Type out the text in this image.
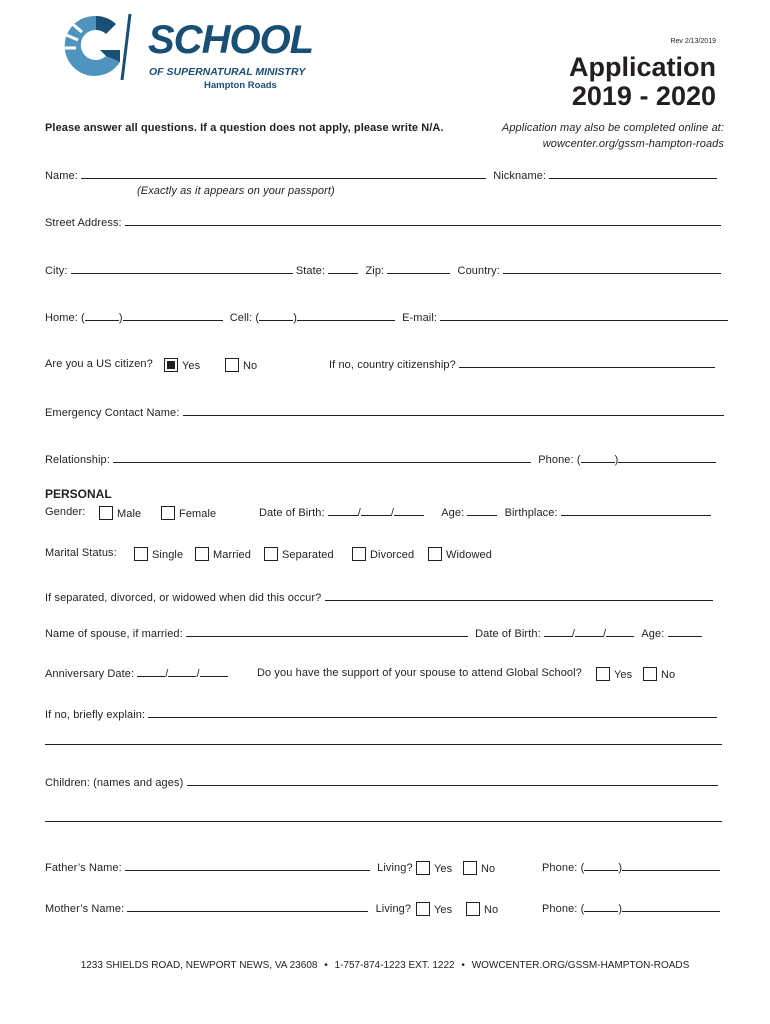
SCHOOL
OF SUPERNATURAL MINISTRY
Hampton Roads
Rev 2/13/2019
Application
2019 - 2020
Please answer all questions. If a question does not apply, please write N/A.	Application may also be completed online at:
wowcenter.org/gssm-hampton-roads
Name:	Nickname:
(Exactly as it appears on your passport)
Street Address:
City:	State:	Zip:	Country:
Home: (	)	Cell: (	)	E-mail:
Are you a US citizen?	Yes	No	If no, country citizenship?
Emergency Contact Name:
Relationship:	Phone: (	)
PERSONAL
Gender:	Male	Female	Date of Birth:	/	/	Age:	Birthplace:
Marital Status:	Single	Married	Separated	Divorced	Widowed
If separated, divorced, or widowed when did this occur?
Name of spouse, if married:	Date of Birth:	/	/	Age:
Anniversary Date:	/	/	Do you have the support of your spouse to attend Global School?	Yes	No
If no, briefly explain:
Children: (names and ages)
Father’s Name:	Living?	Yes	No	Phone: (	)
Mother’s Name:	Living?	Yes	No	Phone: (	)
1233 SHIELDS ROAD, NEWPORT NEWS, VA 23608 • 1-757-874-1223 EXT. 1222 • WOWCENTER.ORG/GSSM-HAMPTON-ROADS
